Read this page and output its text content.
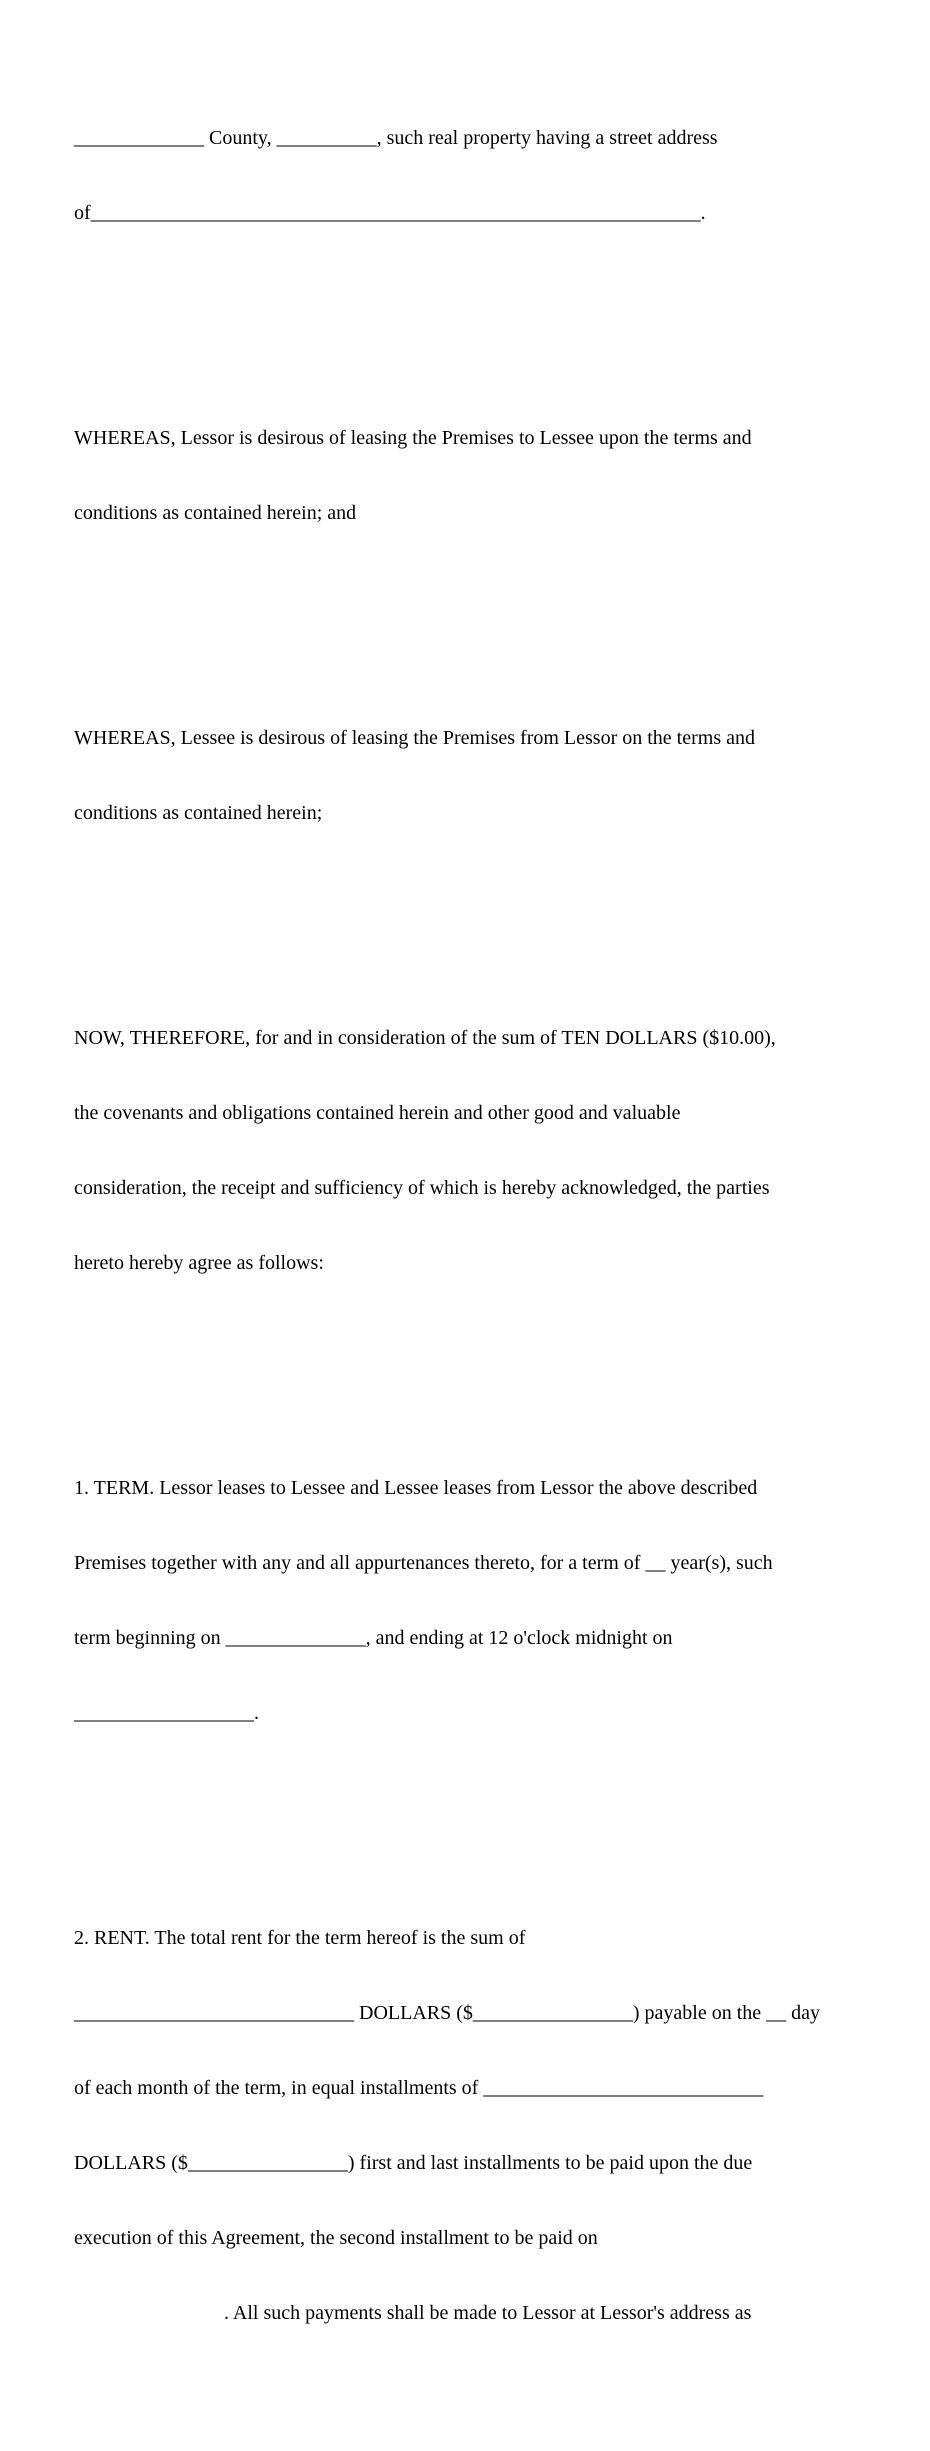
_____________ County, __________, such real property having a street address

of_____________________________________________________________.

WHEREAS, Lessor is desirous of leasing the Premises to Lessee upon the terms and

conditions as contained herein; and

WHEREAS, Lessee is desirous of leasing the Premises from Lessor on the terms and

conditions as contained herein;

NOW, THEREFORE, for and in consideration of the sum of TEN DOLLARS ($10.00),

the covenants and obligations contained herein and other good and valuable

consideration, the receipt and sufficiency of which is hereby acknowledged, the parties

hereto hereby agree as follows:

1. TERM. Lessor leases to Lessee and Lessee leases from Lessor the above described

Premises together with any and all appurtenances thereto, for a term of __ year(s), such

term beginning on ______________, and ending at 12 o'clock midnight on

__________________.

2. RENT. The total rent for the term hereof is the sum of

____________________________ DOLLARS ($________________) payable on the __ day

of each month of the term, in equal installments of ____________________________

DOLLARS ($________________) first and last installments to be paid upon the due

execution of this Agreement, the second installment to be paid on

. All such payments shall be made to Lessor at Lessor's address as
